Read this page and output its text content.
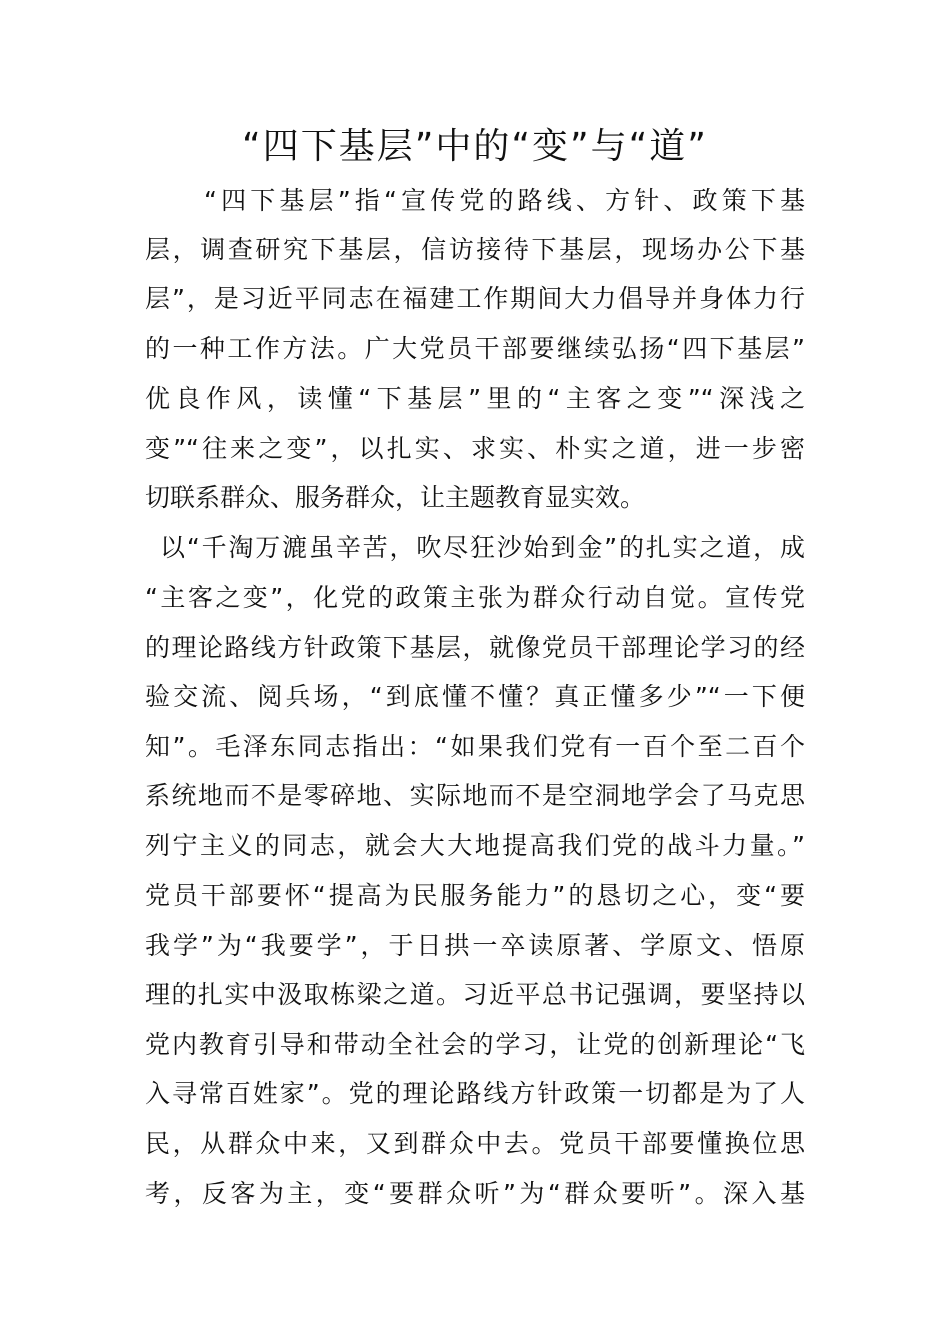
“四下基层”中的“变”与“道”

“四下基层”指“宣传党的路线、方针、政策下基

层，调查研究下基层，信访接待下基层，现场办公下基

层”，是习近平同志在福建工作期间大力倡导并身体力行

的一种工作方法。广大党员干部要继续弘扬“四下基层”

优良作风，读懂“下基层”里的“主客之变”“深浅之

变”“往来之变”，以扎实、求实、朴实之道，进一步密

切联系群众、服务群众，让主题教育显实效。

以“千淘万漉虽辛苦，吹尽狂沙始到金”的扎实之道，成

“主客之变”，化党的政策主张为群众行动自觉。宣传党

的理论路线方针政策下基层，就像党员干部理论学习的经

验交流、阅兵场，“到底懂不懂？真正懂多少”“一下便

知”。毛泽东同志指出：“如果我们党有一百个至二百个

系统地而不是零碎地、实际地而不是空洞地学会了马克思

列宁主义的同志，就会大大地提高我们党的战斗力量。”

党员干部要怀“提高为民服务能力”的恳切之心，变“要

我学”为“我要学”，于日拱一卒读原著、学原文、悟原

理的扎实中汲取栋梁之道。习近平总书记强调，要坚持以

党内教育引导和带动全社会的学习，让党的创新理论“飞

入寻常百姓家”。党的理论路线方针政策一切都是为了人

民，从群众中来，又到群众中去。党员干部要懂换位思

考，反客为主，变“要群众听”为“群众要听”。深入基
